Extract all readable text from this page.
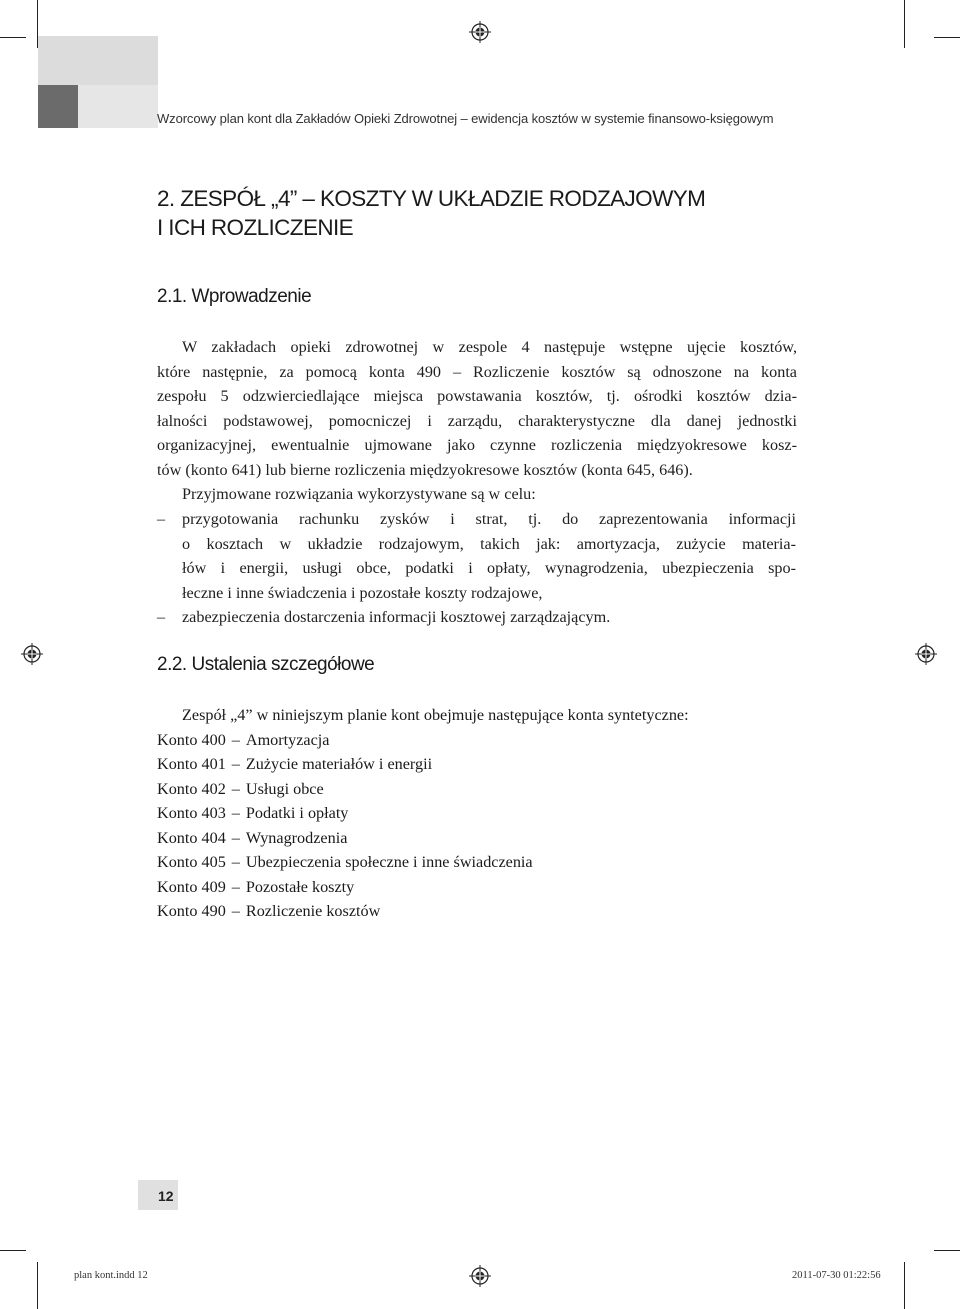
Wzorcowy plan kont dla Zakładów Opieki Zdrowotnej – ewidencja kosztów w systemie finansowo-księgowym
2. ZESPÓŁ „4” – KOSZTY W UKŁADZIE RODZAJOWYM
I ICH ROZLICZENIE
2.1. Wprowadzenie
W zakładach opieki zdrowotnej w zespole 4 następuje wstępne ujęcie kosztów,
które następnie, za pomocą konta 490 – Rozliczenie kosztów są odnoszone na konta
zespołu 5 odzwierciedlające miejsca powstawania kosztów, tj. ośrodki kosztów dzia-
łalności podstawowej, pomocniczej i zarządu, charakterystyczne dla danej jednostki
organizacyjnej, ewentualnie ujmowane jako czynne rozliczenia międzyokresowe kosz-
tów (konto 641) lub bierne rozliczenia międzyokresowe kosztów (konta 645, 646).
Przyjmowane rozwiązania wykorzystywane są w celu:
– przygotowania rachunku zysków i strat, tj. do zaprezentowania informacji
o kosztach w układzie rodzajowym, takich jak: amortyzacja, zużycie materia-
łów i energii, usługi obce, podatki i opłaty, wynagrodzenia, ubezpieczenia spo-
łeczne i inne świadczenia i pozostałe koszty rodzajowe,
– zabezpieczenia dostarczenia informacji kosztowej zarządzającym.
2.2. Ustalenia szczegółowe
Zespół „4” w niniejszym planie kont obejmuje następujące konta syntetyczne:
Konto 400 – Amortyzacja
Konto 401 – Zużycie materiałów i energii
Konto 402 – Usługi obce
Konto 403 – Podatki i opłaty
Konto 404 – Wynagrodzenia
Konto 405 – Ubezpieczenia społeczne i inne świadczenia
Konto 409 – Pozostałe koszty
Konto 490 – Rozliczenie kosztów
12
plan kont.indd 12	2011-07-30 01:22:56
